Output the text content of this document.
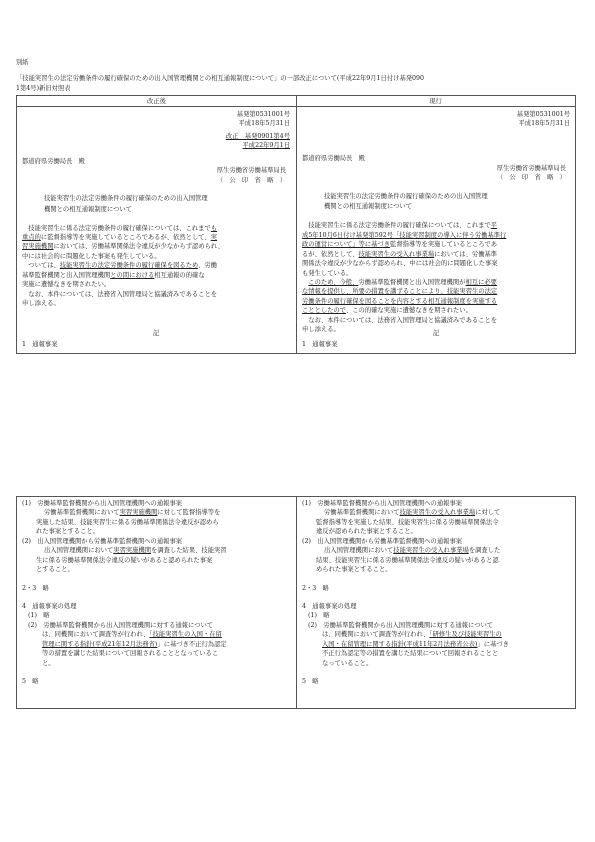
別紙
「技能実習生の法定労働条件の履行確保のための出入国管理機関との相互通報制度について」の一部改正について(平成22年9月1日付け基発090
1第4号)新旧対照表
改正後	現行
基発第0531001号
平成18年5月31日
改正　基発0901第4号
平成22年9月1日
都道府県労働局長　殿
厚生労働省労働基準局長
（　公　印　省　略　）
技能実習生の法定労働条件の履行確保のための出入国管理
機関との相互通報制度について
技能実習生に係る法定労働条件の履行確保については、これまでも
重点的に監督指導等を実施しているところであるが、依然として、実
習実施機関においては、労働基準関係法令違反が少なからず認められ、
中には社会的に問題化した事案も発生している。
ついては、技能実習生の法定労働条件の履行確保を図るため、労働
基準監督機関と出入国管理機関との間における相互通報の的確な
実施に遺憾なきを期されたい。
なお、本件については、法務省入国管理局と協議済みであることを
申し添える。
基発第0531001号
平成18年5月31日
都道府県労働局長　殿
厚生労働省労働基準局長
（　公　印　省　略　）
技能実習生の法定労働条件の履行確保のための出入国管理
機関との相互通報制度について
技能実習生に係る法定労働条件の履行確保については、これまで平
成5年10月6日付け基発第592号「技能実習制度の導入に伴う労働基準行
政の運営について」等に基づき監督指導等を実施しているところであ
るが、依然として、技能実習生の受入れ事業場においては、労働基準
関係法令違反が少なからず認められ、中には社会的に問題化した事案
も発生している。
このため、今般、労働基準監督機関と出入国管理機関が相互に必要
な情報を提供し、所要の措置を講ずることにより、技能実習生の法定
労働条件の履行確保を図ることを内容とする相互通報制度を実施する
こととしたので、この的確な実施に遺憾なきを期されたい。
なお、本件については、法務省入国管理局と協議済みであることを
申し添える。
記
1　通報事案
記
1　通報事案
(1)　労働基準監督機関から出入国管理機関への通報事案
労働基準監督機関において実習実施機関に対して監督指導等を
実施した結果、技能実習生に係る労働基準関係法令違反が認めら
れた事案とすること。
(2)　出入国管理機関から労働基準監督機関への通報事案
出入国管理機関において実習実施機関を調査した結果、技能実習
生に係る労働基準関係法令違反の疑いがあると認められた事案
とすること。
2・3　略
4　通報事案の処理
(1)　略
(2)　労働基準監督機関から出入国管理機関に対する通報について
は、同機関において調査等が行われ、「技能実習生の入国・在留
管理に関する指針(平成21年12月法務省)」に基づき不正行為認定
等の措置を講じた結果について回報されることとなっているこ
と。
5　略
(1)　労働基準監督機関から出入国管理機関への通報事案
労働基準監督機関において技能実習生の受入れ事業場に対して
監督指導等を実施した結果、技能実習生に係る労働基準関係法令
違反が認められた事案とすること。
(2)　出入国管理機関から労働基準監督機関への通報事案
出入国管理機関において技能実習生の受入れ事業場を調査した
結果、技能実習生に係る労働基準関係法令違反の疑いがあると認
められた事案とすること。
2・3　略
4　通報事案の処理
(1)　略
(2)　労働基準監督機関から出入国管理機関に対する通報について
は、同機関において調査等が行われ、「研修生及び技能実習生の
入国・在留管理に関する指針(平成11年2月法務省公表)」に基づき
不正行為認定等の措置を講じた結果について回報されることと
なっていること。
5　略
